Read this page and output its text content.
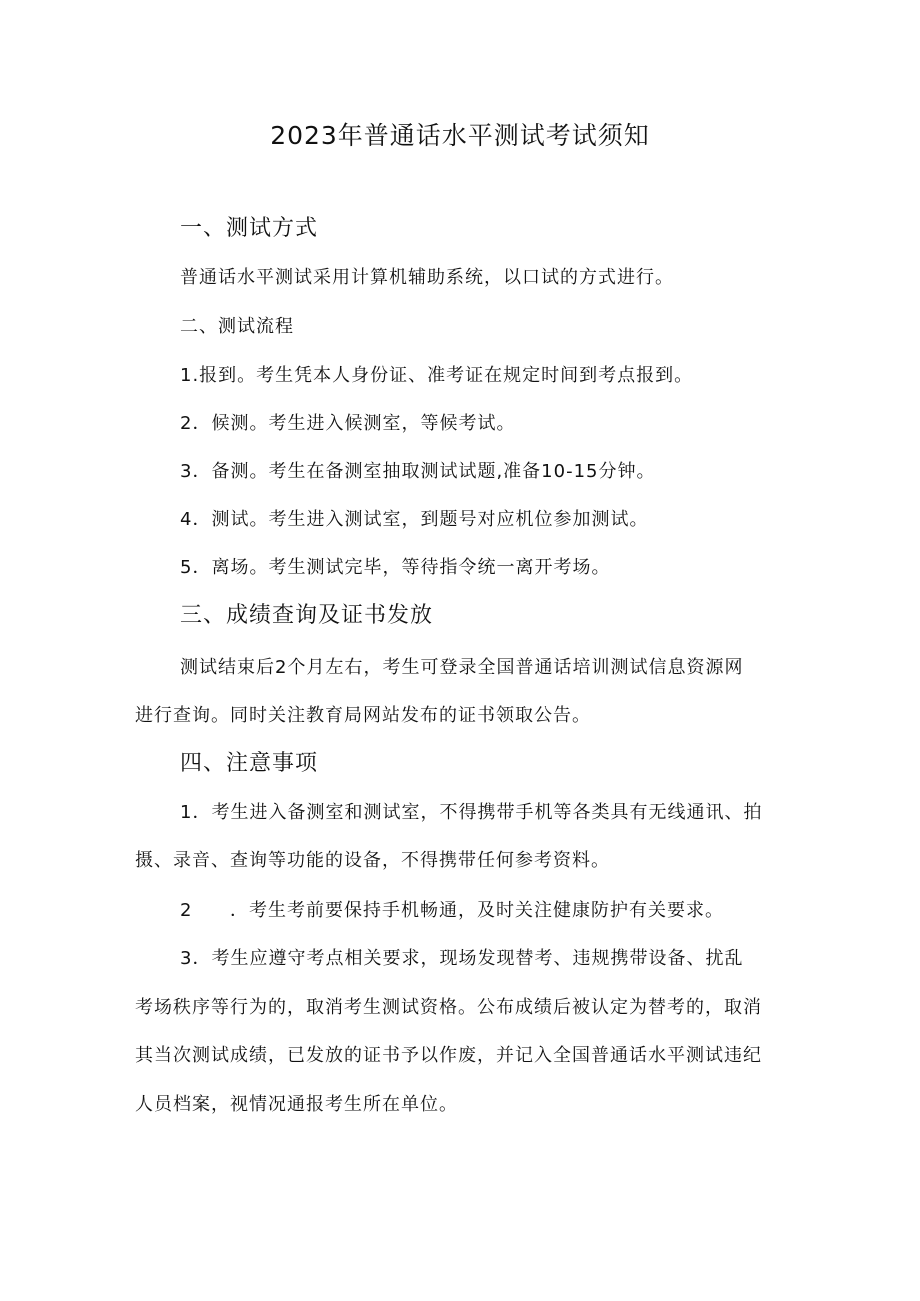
2023年普通话水平测试考试须知
一、测试方式
普通话水平测试采用计算机辅助系统，以口试的方式进行。
二、测试流程
1.报到。考生凭本人身份证、准考证在规定时间到考点报到。
2．候测。考生进入候测室，等候考试。
3．备测。考生在备测室抽取测试试题,准备10-15分钟。
4．测试。考生进入测试室，到题号对应机位参加测试。
5．离场。考生测试完毕，等待指令统一离开考场。
三、成绩查询及证书发放
测试结束后2个月左右，考生可登录全国普通话培训测试信息资源网
进行查询。同时关注教育局网站发布的证书领取公告。
四、注意事项
1．考生进入备测室和测试室，不得携带手机等各类具有无线通讯、拍
摄、录音、查询等功能的设备，不得携带任何参考资料。
2 ．考生考前要保持手机畅通，及时关注健康防护有关要求。
3．考生应遵守考点相关要求，现场发现替考、违规携带设备、扰乱
考场秩序等行为的，取消考生测试资格。公布成绩后被认定为替考的，取消
其当次测试成绩，已发放的证书予以作废，并记入全国普通话水平测试违纪
人员档案，视情况通报考生所在单位。
